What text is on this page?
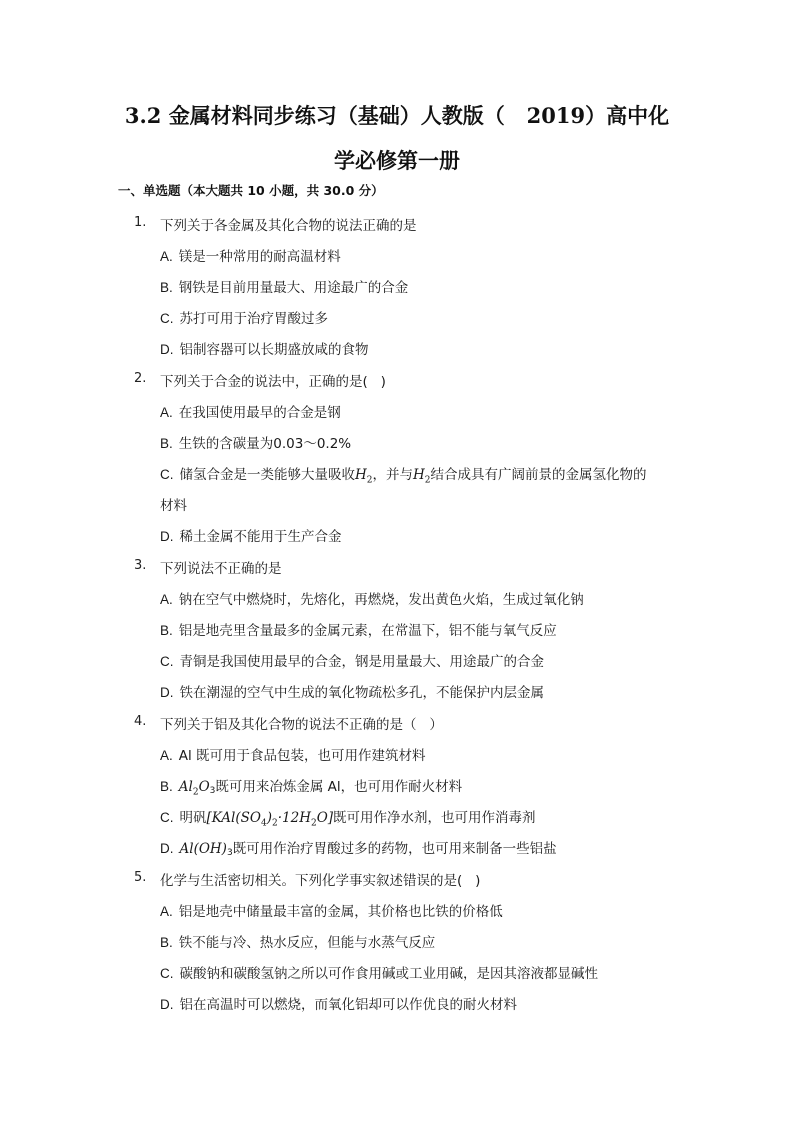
3.2 金属材料同步练习（基础）人教版（   2019）高中化
学必修第一册
一、单选题（本大题共 10 小题，共 30.0 分）
1. 下列关于各金属及其化合物的说法正确的是
A. 镁是一种常用的耐高温材料
B. 钢铁是目前用量最大、用途最广的合金
C. 苏打可用于治疗胃酸过多
D. 铝制容器可以长期盛放咸的食物
2. 下列关于合金的说法中，正确的是(   )
A. 在我国使用最早的合金是钢
B. 生铁的含碳量为0.03～0.2%
C. 储氢合金是一类能够大量吸收$H_2$，并与$H_2$结合成具有广阔前景的金属氢化物的
材料
D. 稀土金属不能用于生产合金
3. 下列说法不正确的是
A. 钠在空气中燃烧时，先熔化，再燃烧，发出黄色火焰，生成过氧化钠
B. 铝是地壳里含量最多的金属元素，在常温下，铝不能与氧气反应
C. 青铜是我国使用最早的合金，钢是用量最大、用途最广的合金
D. 铁在潮湿的空气中生成的氧化物疏松多孔，不能保护内层金属
4. 下列关于铝及其化合物的说法不正确的是（   ）
A. Al 既可用于食品包装，也可用作建筑材料
B. $Al_2O_3$既可用来冶炼金属 Al，也可用作耐火材料
C. 明矾$[KAl(SO_4)_2\cdot 12H_2O]$既可用作净水剂，也可用作消毒剂
D. $Al(OH)_3$既可用作治疗胃酸过多的药物，也可用来制备一些铝盐
5. 化学与生活密切相关。下列化学事实叙述错误的是(   )
A. 铝是地壳中储量最丰富的金属，其价格也比铁的价格低
B. 铁不能与冷、热水反应，但能与水蒸气反应
C. 碳酸钠和碳酸氢钠之所以可作食用碱或工业用碱，是因其溶液都显碱性
D. 铝在高温时可以燃烧，而氧化铝却可以作优良的耐火材料
